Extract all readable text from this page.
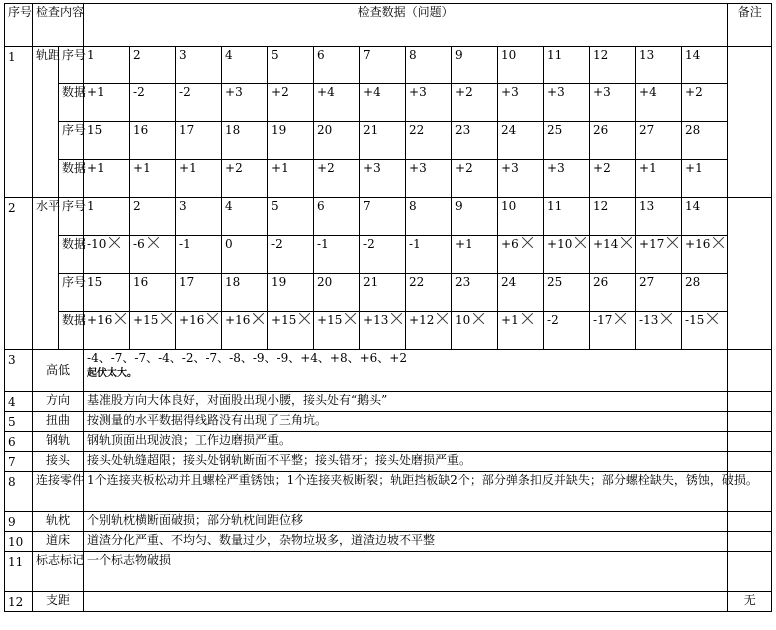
序号	检查内容		检查数据（问题）														备注
1	轨距	序号	1	2	3	4	5	6	7	8	9	10	11	12	13	14	
		数据	+1	-2	-2	+3	+2	+4	+4	+3	+2	+3	+3	+3	+4	+2	
		序号	15	16	17	18	19	20	21	22	23	24	25	26	27	28	
		数据	+1	+1	+1	+2	+1	+2	+3	+3	+2	+3	+3	+2	+1	+1	
2	水平	序号	1	2	3	4	5	6	7	8	9	10	11	12	13	14	
		数据	-10	-6	-1	0	-2	-1	-2	-1	+1	+6	+10	+14	+17	+16	
		序号	15	16	17	18	19	20	21	22	23	24	25	26	27	28	
		数据	+16	+15	+16	+16	+15	+15	+13	+12	10	+1	-2	-17	-13	-15	
3	高低		-4、-7、-7、-4、-2、-7、-8、-9、-9、+4、+8、+6、+2
起伏太大。														

4	方向		基准股方向大体良好，对面股出现小腰，接头处有“鹅头”														
5	扭曲		按测量的水平数据得线路没有出现了三角坑。														
6	钢轨		钢轨顶面出现波浪；工作边磨损严重。														
7	接头		接头处轨缝超限；接头处钢轨断面不平整；接头错牙；接头处磨损严重。														
8	连接零件		1个连接夹板松动并且螺栓严重锈蚀；1个连接夹板断裂；轨距挡板缺2个；部分弹条扣反并缺失；部分螺栓缺失，锈蚀，破损。														
9	轨枕		个别轨枕横断面破损；部分轨枕间距位移														
10	道床		道渣分化严重、不均匀、数量过少，杂物垃圾多，道渣边坡不平整														
11	标志标记		一个标志物破损														
12	支距																无
